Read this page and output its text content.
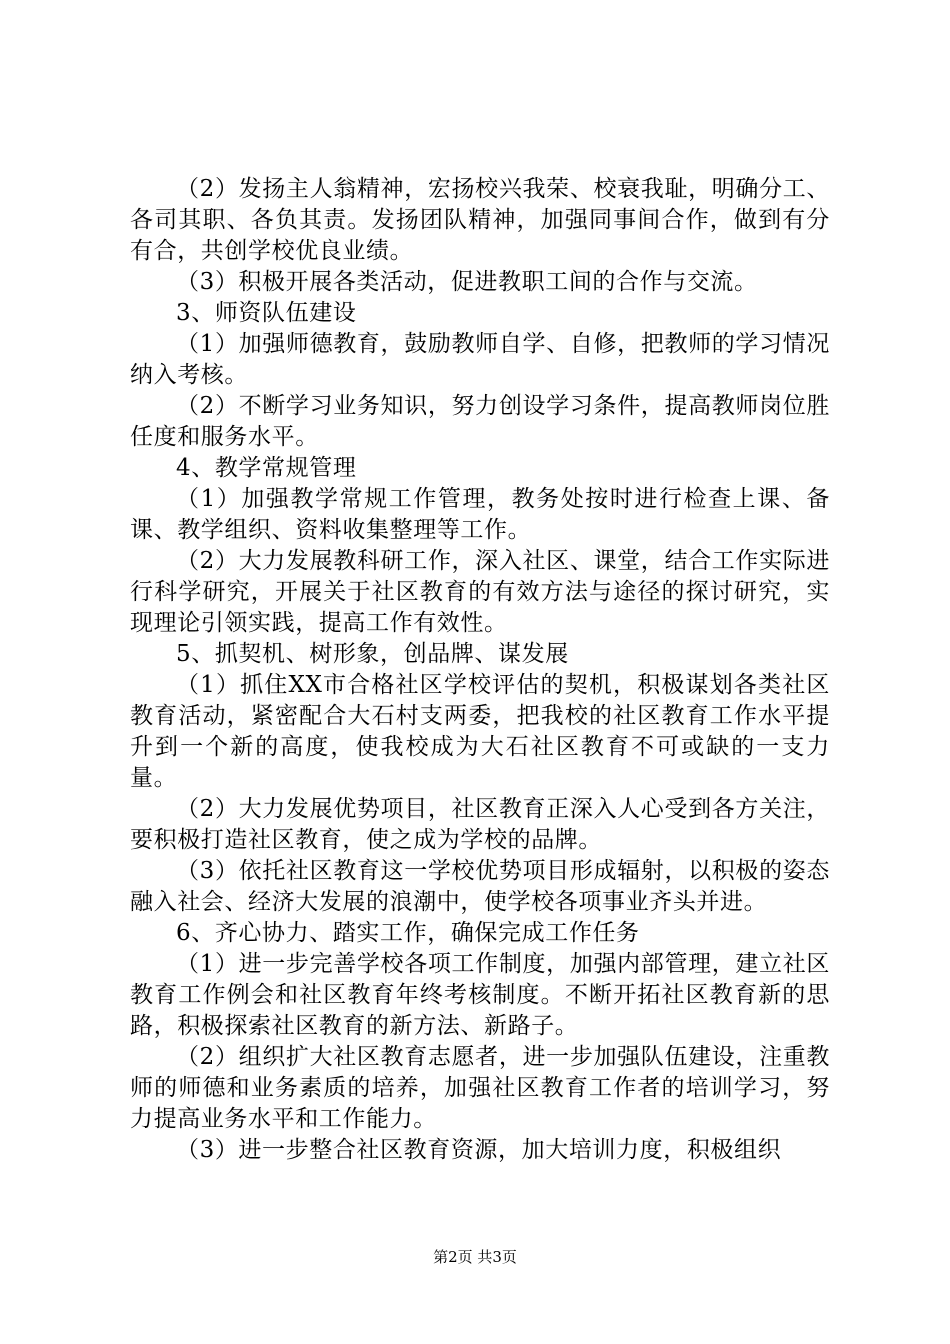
（2）发扬主人翁精神，宏扬校兴我荣、校衰我耻，明确分工、各司其职、各负其责。发扬团队精神，加强同事间合作，做到有分有合，共创学校优良业绩。

（3）积极开展各类活动，促进教职工间的合作与交流。

3、师资队伍建设

（1）加强师德教育，鼓励教师自学、自修，把教师的学习情况纳入考核。

（2）不断学习业务知识，努力创设学习条件，提高教师岗位胜任度和服务水平。

4、教学常规管理

（1）加强教学常规工作管理，教务处按时进行检查上课、备课、教学组织、资料收集整理等工作。

（2）大力发展教科研工作，深入社区、课堂，结合工作实际进行科学研究，开展关于社区教育的有效方法与途径的探讨研究，实现理论引领实践，提高工作有效性。

5、抓契机、树形象，创品牌、谋发展

（1）抓住XX市合格社区学校评估的契机，积极谋划各类社区教育活动，紧密配合大石村支两委，把我校的社区教育工作水平提升到一个新的高度，使我校成为大石社区教育不可或缺的一支力量。

（2）大力发展优势项目，社区教育正深入人心受到各方关注，要积极打造社区教育，使之成为学校的品牌。

（3）依托社区教育这一学校优势项目形成辐射，以积极的姿态融入社会、经济大发展的浪潮中，使学校各项事业齐头并进。

6、齐心协力、踏实工作，确保完成工作任务

（1）进一步完善学校各项工作制度，加强内部管理，建立社区教育工作例会和社区教育年终考核制度。不断开拓社区教育新的思路，积极探索社区教育的新方法、新路子。

（2）组织扩大社区教育志愿者，进一步加强队伍建设，注重教师的师德和业务素质的培养，加强社区教育工作者的培训学习，努力提高业务水平和工作能力。

（3）进一步整合社区教育资源，加大培训力度，积极组织

第2页 共3页
